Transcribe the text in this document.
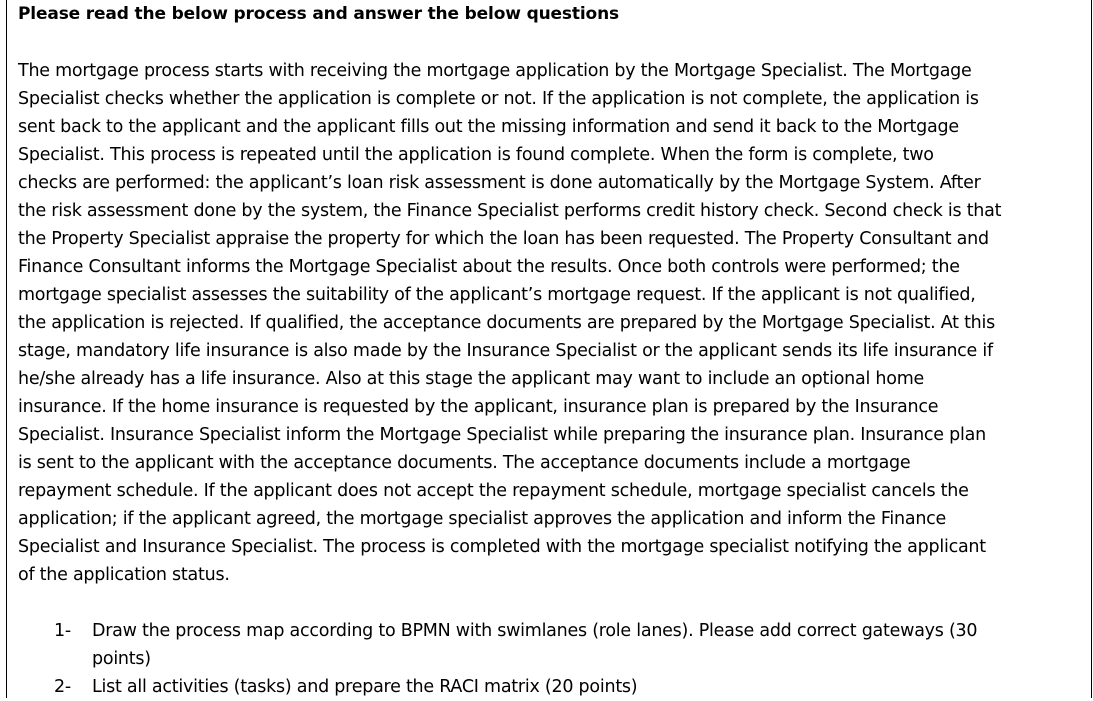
Please read the below process and answer the below questions
The mortgage process starts with receiving the mortgage application by the Mortgage Specialist. The Mortgage
Specialist checks whether the application is complete or not. If the application is not complete, the application is
sent back to the applicant and the applicant fills out the missing information and send it back to the Mortgage
Specialist. This process is repeated until the application is found complete. When the form is complete, two
checks are performed: the applicant’s loan risk assessment is done automatically by the Mortgage System. After
the risk assessment done by the system, the Finance Specialist performs credit history check. Second check is that
the Property Specialist appraise the property for which the loan has been requested. The Property Consultant and
Finance Consultant informs the Mortgage Specialist about the results. Once both controls were performed; the
mortgage specialist assesses the suitability of the applicant’s mortgage request. If the applicant is not qualified,
the application is rejected. If qualified, the acceptance documents are prepared by the Mortgage Specialist. At this
stage, mandatory life insurance is also made by the Insurance Specialist or the applicant sends its life insurance if
he/she already has a life insurance. Also at this stage the applicant may want to include an optional home
insurance. If the home insurance is requested by the applicant, insurance plan is prepared by the Insurance
Specialist. Insurance Specialist inform the Mortgage Specialist while preparing the insurance plan. Insurance plan
is sent to the applicant with the acceptance documents. The acceptance documents include a mortgage
repayment schedule. If the applicant does not accept the repayment schedule, mortgage specialist cancels the
application; if the applicant agreed, the mortgage specialist approves the application and inform the Finance
Specialist and Insurance Specialist. The process is completed with the mortgage specialist notifying the applicant
of the application status.
1-	Draw the process map according to BPMN with swimlanes (role lanes). Please add correct gateways (30
points)
2-	List all activities (tasks) and prepare the RACI matrix (20 points)
